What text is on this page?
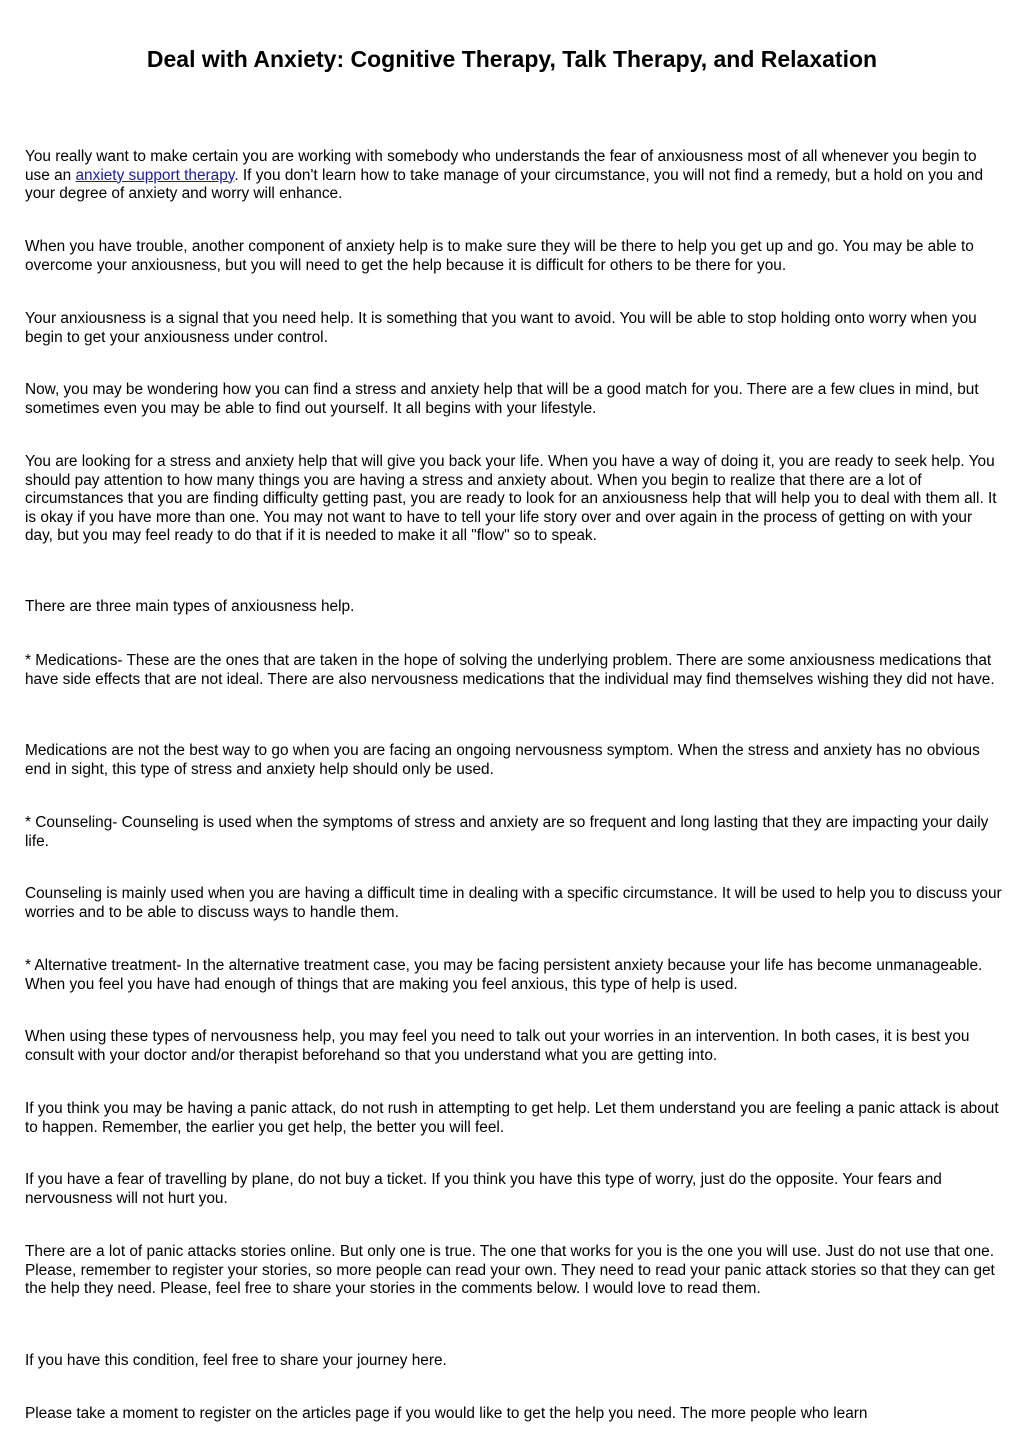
Deal with Anxiety: Cognitive Therapy, Talk Therapy, and Relaxation

You really want to make certain you are working with somebody who understands the fear of anxiousness most of all whenever you begin to use an anxiety support therapy. If you don't learn how to take manage of your circumstance, you will not find a remedy, but a hold on you and your degree of anxiety and worry will enhance.

When you have trouble, another component of anxiety help is to make sure they will be there to help you get up and go. You may be able to overcome your anxiousness, but you will need to get the help because it is difficult for others to be there for you.

Your anxiousness is a signal that you need help. It is something that you want to avoid. You will be able to stop holding onto worry when you begin to get your anxiousness under control.

Now, you may be wondering how you can find a stress and anxiety help that will be a good match for you. There are a few clues in mind, but sometimes even you may be able to find out yourself. It all begins with your lifestyle.

You are looking for a stress and anxiety help that will give you back your life. When you have a way of doing it, you are ready to seek help. You should pay attention to how many things you are having a stress and anxiety about. When you begin to realize that there are a lot of circumstances that you are finding difficulty getting past, you are ready to look for an anxiousness help that will help you to deal with them all. It is okay if you have more than one. You may not want to have to tell your life story over and over again in the process of getting on with your day, but you may feel ready to do that if it is needed to make it all "flow" so to speak.

There are three main types of anxiousness help.

* Medications- These are the ones that are taken in the hope of solving the underlying problem. There are some anxiousness medications that have side effects that are not ideal. There are also nervousness medications that the individual may find themselves wishing they did not have.

Medications are not the best way to go when you are facing an ongoing nervousness symptom. When the stress and anxiety has no obvious end in sight, this type of stress and anxiety help should only be used.

* Counseling- Counseling is used when the symptoms of stress and anxiety are so frequent and long lasting that they are impacting your daily life.

Counseling is mainly used when you are having a difficult time in dealing with a specific circumstance. It will be used to help you to discuss your worries and to be able to discuss ways to handle them.

* Alternative treatment- In the alternative treatment case, you may be facing persistent anxiety because your life has become unmanageable. When you feel you have had enough of things that are making you feel anxious, this type of help is used.

When using these types of nervousness help, you may feel you need to talk out your worries in an intervention. In both cases, it is best you consult with your doctor and/or therapist beforehand so that you understand what you are getting into.

If you think you may be having a panic attack, do not rush in attempting to get help. Let them understand you are feeling a panic attack is about to happen. Remember, the earlier you get help, the better you will feel.

If you have a fear of travelling by plane, do not buy a ticket. If you think you have this type of worry, just do the opposite. Your fears and nervousness will not hurt you.

There are a lot of panic attacks stories online. But only one is true. The one that works for you is the one you will use. Just do not use that one. Please, remember to register your stories, so more people can read your own. They need to read your panic attack stories so that they can get the help they need. Please, feel free to share your stories in the comments below. I would love to read them.

If you have this condition, feel free to share your journey here.

Please take a moment to register on the articles page if you would like to get the help you need. The more people who learn
